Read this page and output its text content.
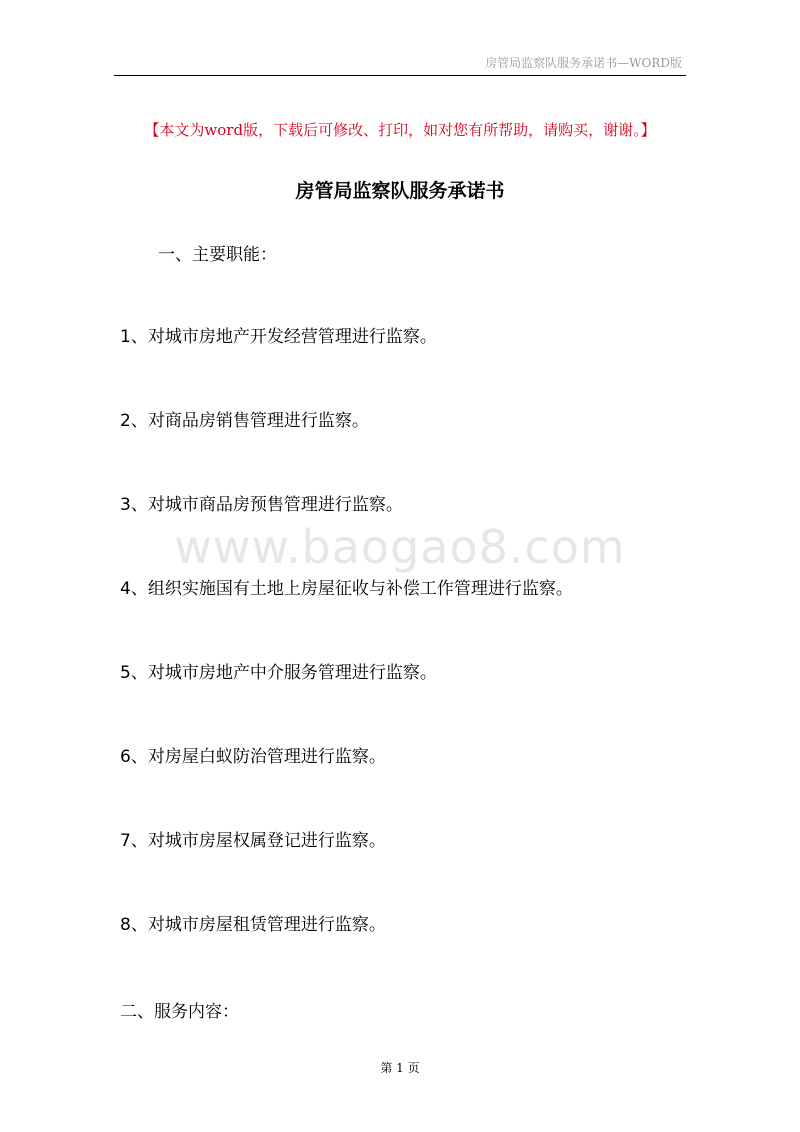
房管局监察队服务承诺书—WORD版
【本文为word版，下载后可修改、打印，如对您有所帮助，请购买，谢谢。】
房管局监察队服务承诺书
一、主要职能：
1、对城市房地产开发经营管理进行监察。
2、对商品房销售管理进行监察。
3、对城市商品房预售管理进行监察。
www.baogao8.com
4、组织实施国有土地上房屋征收与补偿工作管理进行监察。
5、对城市房地产中介服务管理进行监察。
6、对房屋白蚁防治管理进行监察。
7、对城市房屋权属登记进行监察。
8、对城市房屋租赁管理进行监察。
二、服务内容：
第 1 页
